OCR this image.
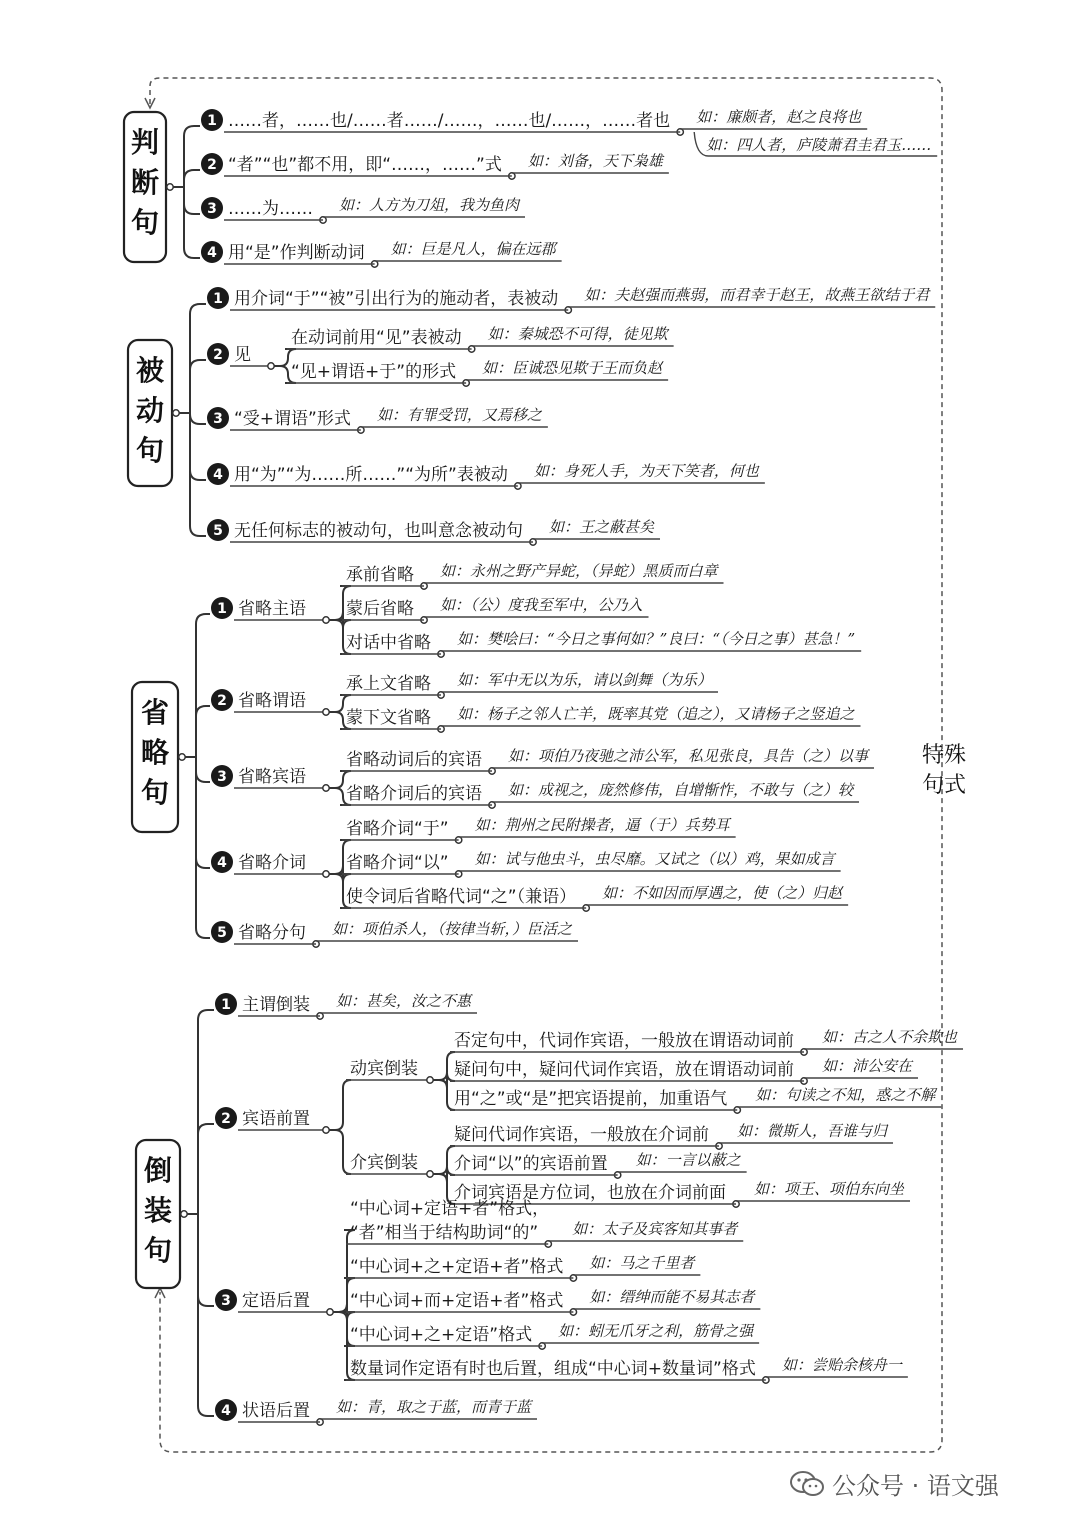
特殊
句式
判
断
句
1 ……者，……也/……者……/……，……也/……，……者也 如：廉颇者，赵之良将也
如：四人者，庐陵萧君圭君玉……
2 “者”“也”都不用，即“……，……”式 如：刘备，天下枭雄
3 ……为…… 如：人方为刀俎，我为鱼肉
4 用“是”作判断动词 如：巨是凡人，偏在远郡
被
动
句
1 用介词“于”“被”引出行为的施动者，表被动 如：夫赵强而燕弱，而君幸于赵王，故燕王欲结于君
2 见
在动词前用“见”表被动 如：秦城恐不可得，徒见欺
“见+谓语+于”的形式 如：臣诚恐见欺于王而负赵
3 “受+谓语”形式 如：有罪受罚，又焉移之
4 用“为”“为……所……”“为所”表被动 如：身死人手，为天下笑者，何也
5 无任何标志的被动句，也叫意念被动句 如：王之蔽甚矣
省
略
句
1 省略主语
承前省略 如：永州之野产异蛇，（异蛇）黑质而白章
蒙后省略 如：（公）度我至军中，公乃入
对话中省略 如：樊哙曰：“今日之事何如？”良曰：“（今日之事）甚急！”
2 省略谓语
承上文省略 如：军中无以为乐，请以剑舞（为乐）
蒙下文省略 如：杨子之邻人亡羊，既率其党（追之），又请杨子之竖追之
3 省略宾语
省略动词后的宾语 如：项伯乃夜驰之沛公军，私见张良，具告（之）以事
省略介词后的宾语 如：成视之，庞然修伟，自增惭怍，不敢与（之）较
4 省略介词
省略介词“于” 如：荆州之民附操者，逼（于）兵势耳
省略介词“以” 如：试与他虫斗，虫尽靡。又试之（以）鸡，果如成言
使令词后省略代词“之”（兼语） 如：不如因而厚遇之，使（之）归赵
5 省略分句 如：项伯杀人，（按律当斩，）臣活之
倒
装
句
1 主谓倒装 如：甚矣，汝之不惠
2 宾语前置
动宾倒装
否定句中，代词作宾语，一般放在谓语动词前 如：古之人不余欺也
疑问句中，疑问代词作宾语，放在谓语动词前 如：沛公安在
用“之”或“是”把宾语提前，加重语气 如：句读之不知，惑之不解
介宾倒装
疑问代词作宾语，一般放在介词前 如：微斯人，吾谁与归
介词“以”的宾语前置 如：一言以蔽之
介词宾语是方位词，也放在介词前面 如：项王、项伯东向坐
3 定语后置
“中心词+定语+者”格式，
“者”相当于结构助词“的” 如：太子及宾客知其事者
“中心词+之+定语+者”格式 如：马之千里者
“中心词+而+定语+者”格式 如：缙绅而能不易其志者
“中心词+之+定语”格式 如：蚓无爪牙之利，筋骨之强
数量词作定语有时也后置，组成“中心词+数量词”格式 如：尝贻余核舟一
4 状语后置 如：青，取之于蓝，而青于蓝
公众号 · 语文强
